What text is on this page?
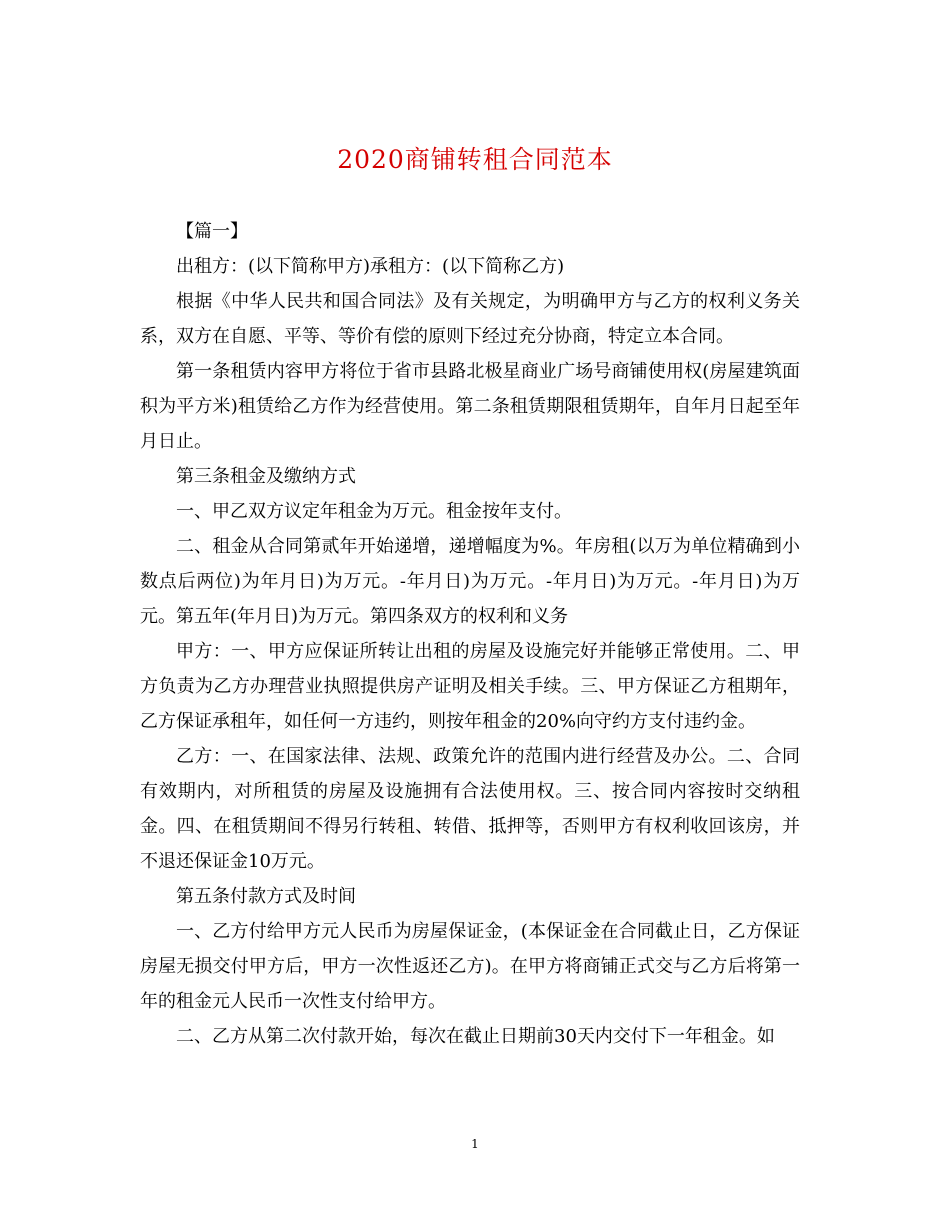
2020商铺转租合同范本

【篇一】

出租方：(以下简称甲方)承租方：(以下简称乙方)

根据《中华人民共和国合同法》及有关规定，为明确甲方与乙方的权利义务关系，双方在自愿、平等、等价有偿的原则下经过充分协商，特定立本合同。

第一条租赁内容甲方将位于省市县路北极星商业广场号商铺使用权(房屋建筑面积为平方米)租赁给乙方作为经营使用。第二条租赁期限租赁期年，自年月日起至年月日止。

第三条租金及缴纳方式

一、甲乙双方议定年租金为万元。租金按年支付。

二、租金从合同第贰年开始递增，递增幅度为%。年房租(以万为单位精确到小数点后两位)为年月日)为万元。-年月日)为万元。-年月日)为万元。-年月日)为万元。第五年(年月日)为万元。第四条双方的权利和义务

甲方：一、甲方应保证所转让出租的房屋及设施完好并能够正常使用。二、甲方负责为乙方办理营业执照提供房产证明及相关手续。三、甲方保证乙方租期年，乙方保证承租年，如任何一方违约，则按年租金的20%向守约方支付违约金。

乙方：一、在国家法律、法规、政策允许的范围内进行经营及办公。二、合同有效期内，对所租赁的房屋及设施拥有合法使用权。三、按合同内容按时交纳租金。四、在租赁期间不得另行转租、转借、抵押等，否则甲方有权利收回该房，并不退还保证金10万元。

第五条付款方式及时间

一、乙方付给甲方元人民币为房屋保证金，(本保证金在合同截止日，乙方保证房屋无损交付甲方后，甲方一次性返还乙方)。在甲方将商铺正式交与乙方后将第一年的租金元人民币一次性支付给甲方。

二、乙方从第二次付款开始，每次在截止日期前30天内交付下一年租金。如

1
